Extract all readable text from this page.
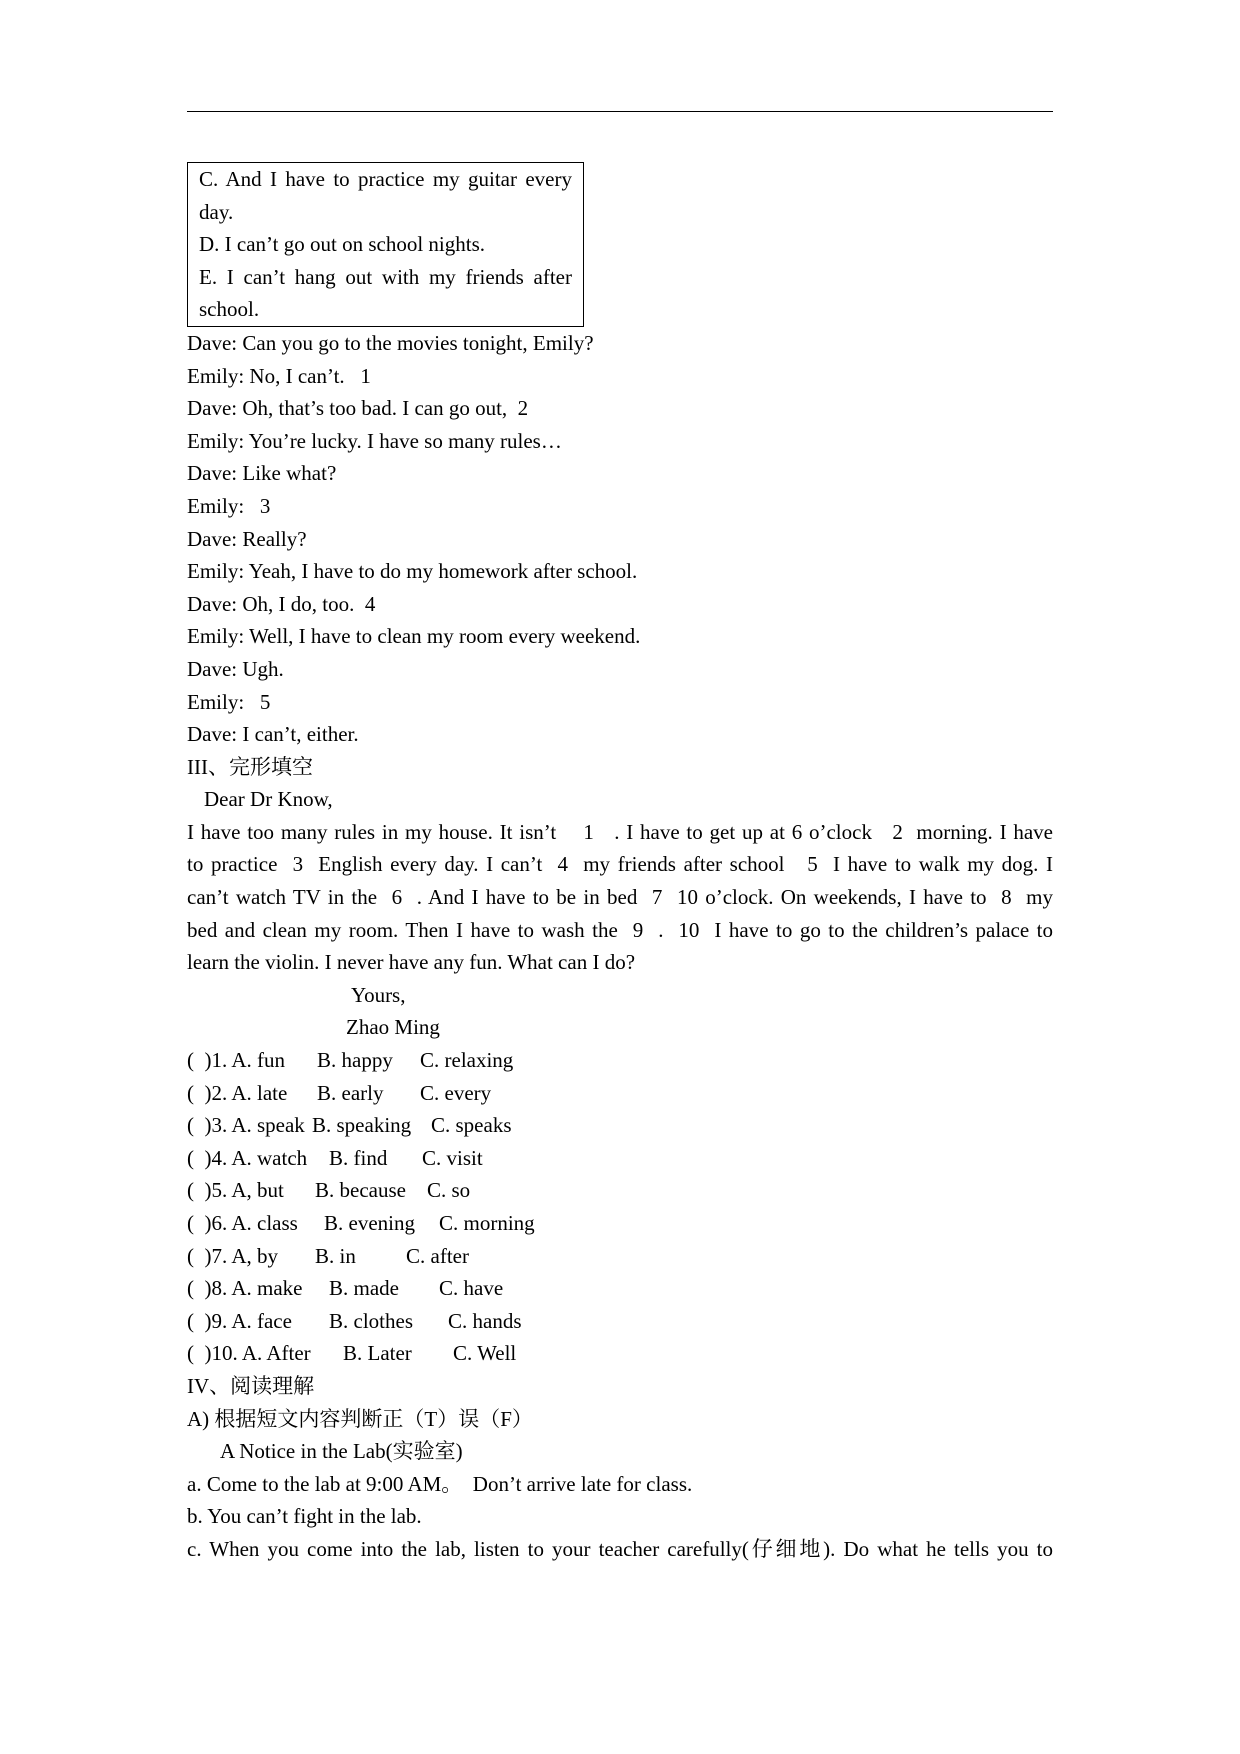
C. And I have to practice my guitar every day.
D. I can’t go out on school nights.
E. I can’t hang out with my friends after school.
Dave: Can you go to the movies tonight, Emily?
Emily: No, I can’t.   1
Dave: Oh, that’s too bad. I can go out,  2
Emily: You’re lucky. I have so many rules…
Dave: Like what?
Emily:   3
Dave: Really?
Emily: Yeah, I have to do my homework after school.
Dave: Oh, I do, too.  4
Emily: Well, I have to clean my room every weekend.
Dave: Ugh.
Emily:   5
Dave: I can’t, either.
III、完形填空
Dear Dr Know,
I have too many rules in my house. It isn’t    1   . I have to get up at 6 o’clock   2  morning. I have
to practice  3  English every day. I can’t  4  my friends after school   5  I have to walk my dog. I
can’t watch TV in the  6  . And I have to be in bed  7  10 o’clock. On weekends, I have to  8  my
bed and clean my room. Then I have to wash the  9  .  10  I have to go to the children’s palace to
learn the violin. I never have any fun. What can I do?
Yours,
Zhao Ming
(  )1. A. fun	B. happy	C. relaxing
(  )2. A. late	B. early	C. every
(  )3. A. speak B. speaking C. speaks
(  )4. A. watch	B. find	C. visit
(  )5. A, but	B. because	C. so
(  )6. A. class	B. evening	C. morning
(  )7. A, by	B. in	C. after
(  )8. A. make	B. made	C. have
(  )9. A. face	B. clothes	C. hands
(  )10. A. After	B. Later	C. Well
IV、阅读理解
A) 根据短文内容判断正（T）误（F）
A Notice in the Lab(实验室)
a. Come to the lab at 9:00 AM。  Don’t arrive late for class.
b. You can’t fight in the lab.
c. When you come into the lab, listen to your teacher carefully(仔细地). Do what he tells you to
